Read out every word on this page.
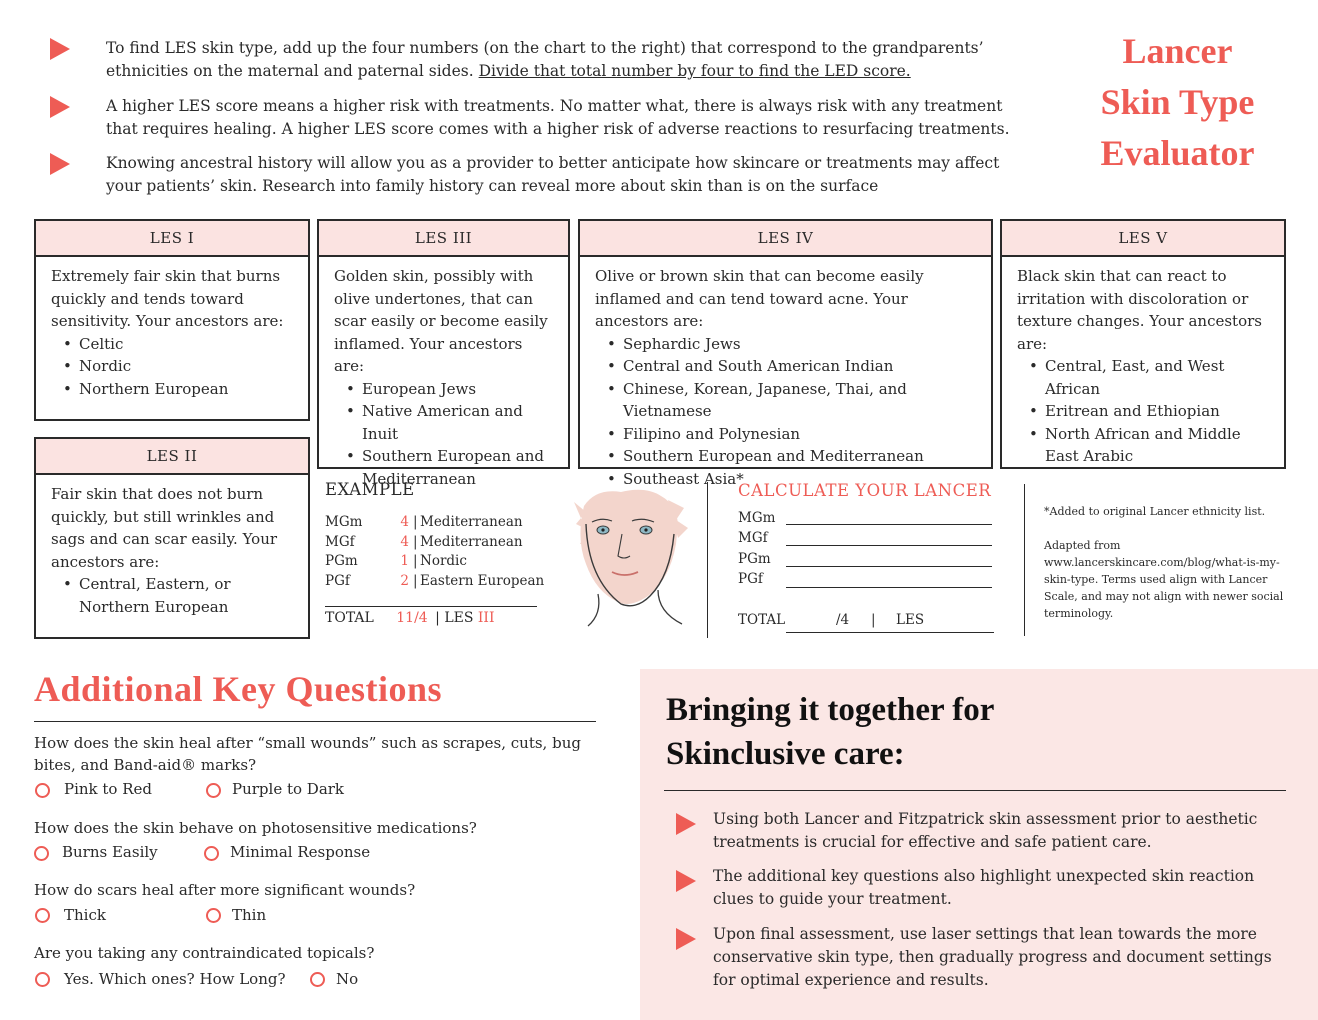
To find LES skin type, add up the four numbers (on the chart to the right) that correspond to the grandparents’ ethnicities on the maternal and paternal sides. Divide that total number by four to find the LED score.
A higher LES score means a higher risk with treatments. No matter what, there is always risk with any treatment that requires healing. A higher LES score comes with a higher risk of adverse reactions to resurfacing treatments.
Knowing ancestral history will allow you as a provider to better anticipate how skincare or treatments may affect your patients’ skin. Research into family history can reveal more about skin than is on the surface
Lancer
Skin Type
Evaluator
LES I
Extremely fair skin that burns quickly and tends toward sensitivity. Your ancestors are:
• Celtic
• Nordic
• Northern European
LES II
Fair skin that does not burn quickly, but still wrinkles and sags and can scar easily. Your ancestors are:
• Central, Eastern, or Northern European
LES III
Golden skin, possibly with olive undertones, that can scar easily or become easily inflamed. Your ancestors are:
• European Jews
• Native American and Inuit
• Southern European and Mediterranean
LES IV
Olive or brown skin that can become easily inflamed and can tend toward acne. Your ancestors are:
• Sephardic Jews
• Central and South American Indian
• Chinese, Korean, Japanese, Thai, and Vietnamese
• Filipino and Polynesian
• Southern European and Mediterranean
• Southeast Asia*
LES V
Black skin that can react to irritation with discoloration or texture changes. Your ancestors are:
• Central, East, and West African
• Eritrean and Ethiopian
• North African and Middle East Arabic
EXAMPLE
MGm	4 | Mediterranean
MGf	4 | Mediterranean
PGm	1 | Nordic
PGf	2 | Eastern European
TOTAL 11/4 | LES III
CALCULATE YOUR LANCER
MGm
MGf
PGm
PGf
TOTAL	/4 | LES
*Added to original Lancer ethnicity list.
Adapted from www.lancerskincare.com/blog/what-is-my-skin-type. Terms used align with Lancer Scale, and may not align with newer social terminology.
Additional Key Questions
How does the skin heal after “small wounds” such as scrapes, cuts, bug bites, and Band-aid® marks?
Pink to Red	Purple to Dark
How does the skin behave on photosensitive medications?
Burns Easily	Minimal Response
How do scars heal after more significant wounds?
Thick	Thin
Are you taking any contraindicated topicals?
Yes. Which ones? How Long?	No
Bringing it together for
Skinclusive care:
Using both Lancer and Fitzpatrick skin assessment prior to aesthetic treatments is crucial for effective and safe patient care.
The additional key questions also highlight unexpected skin reaction clues to guide your treatment.
Upon final assessment, use laser settings that lean towards the more conservative skin type, then gradually progress and document settings for optimal experience and results.
